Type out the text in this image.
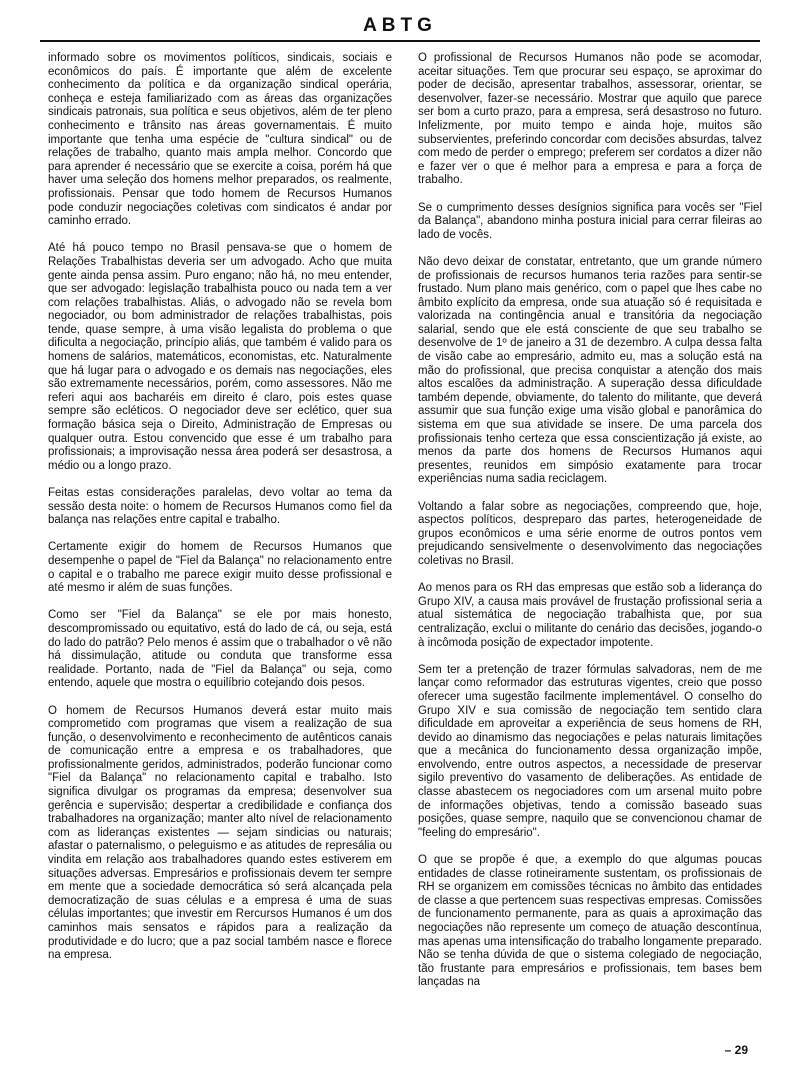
ABTG

informado sobre os movimentos políticos, sindicais, sociais e econômicos do país. É importante que além de excelente conhecimento da política e da organização sindical operária, conheça e esteja familiarizado com as áreas das organizações sindicais patronais, sua política e seus objetivos, além de ter pleno conhecimento e trânsito nas áreas governamentais. É muito importante que tenha uma espécie de "cultura sindical" ou de relações de trabalho, quanto mais ampla melhor. Concordo que para aprender é necessário que se exercite a coisa, porém há que haver uma seleção dos homens melhor preparados, os realmente, profissionais. Pensar que todo homem de Recursos Humanos pode conduzir negociações coletivas com sindicatos é andar por caminho errado.

Até há pouco tempo no Brasil pensava-se que o homem de Relações Trabalhistas deveria ser um advogado. Acho que muita gente ainda pensa assim. Puro engano; não há, no meu entender, que ser advogado: legislação trabalhista pouco ou nada tem a ver com relações trabalhistas. Aliás, o advogado não se revela bom negociador, ou bom administrador de relações trabalhistas, pois tende, quase sempre, à uma visão legalista do problema o que dificulta a negociação, princípio aliás, que também é valido para os homens de salários, matemáticos, economistas, etc. Naturalmente que há lugar para o advogado e os demais nas negociações, eles são extremamente necessários, porém, como assessores. Não me referi aqui aos bacharéis em direito é claro, pois estes quase sempre são ecléticos. O negociador deve ser eclético, quer sua formação básica seja o Direito, Administração de Empresas ou qualquer outra. Estou convencido que esse é um trabalho para profissionais; a improvisação nessa área poderá ser desastrosa, a médio ou a longo prazo.

Feitas estas considerações paralelas, devo voltar ao tema da sessão desta noite: o homem de Recursos Humanos como fiel da balança nas relações entre capital e trabalho.

Certamente exigir do homem de Recursos Humanos que desempenhe o papel de "Fiel da Balança" no relacionamento entre o capital e o trabalho me parece exigir muito desse profissional e até mesmo ir além de suas funções.

Como ser "Fiel da Balança" se ele por mais honesto, descompromissado ou equitativo, está do lado de cá, ou seja, está do lado do patrão? Pelo menos é assim que o trabalhador o vê não há dissimulação, atitude ou conduta que transforme essa realidade. Portanto, nada de "Fiel da Balança" ou seja, como entendo, aquele que mostra o equilíbrio cotejando dois pesos.

O homem de Recursos Humanos deverá estar muito mais comprometido com programas que visem a realização de sua função, o desenvolvimento e reconhecimento de autênticos canais de comunicação entre a empresa e os trabalhadores, que profissionalmente geridos, administrados, poderão funcionar como "Fiel da Balança" no relacionamento capital e trabalho. Isto significa divulgar os programas da empresa; desenvolver sua gerência e supervisão; despertar a credibilidade e confiança dos trabalhadores na organização; manter alto nível de relacionamento com as lideranças existentes — sejam sindicias ou naturais; afastar o paternalismo, o peleguismo e as atitudes de represália ou vindita em relação aos trabalhadores quando estes estiverem em situações adversas. Empresários e profissionais devem ter sempre em mente que a sociedade democrática só será alcançada pela democratização de suas células e a empresa é uma de suas células importantes; que investir em Rercursos Humanos é um dos caminhos mais sensatos e rápidos para a realização da produtividade e do lucro; que a paz social também nasce e florece na empresa.

O profissional de Recursos Humanos não pode se acomodar, aceitar situações. Tem que procurar seu espaço, se aproximar do poder de decisão, apresentar trabalhos, assessorar, orientar, se desenvolver, fazer-se necessário. Mostrar que aquilo que parece ser bom a curto prazo, para a empresa, será desastroso no futuro. Infelizmente, por muito tempo e ainda hoje, muitos são subservientes, preferindo concordar com decisões absurdas, talvez com medo de perder o emprego; preferem ser cordatos a dizer não e fazer ver o que é melhor para a empresa e para a força de trabalho.

Se o cumprimento desses desígnios significa para vocês ser "Fiel da Balança", abandono minha postura inicial para cerrar fileiras ao lado de vocês.

Não devo deixar de constatar, entretanto, que um grande número de profissionais de recursos humanos teria razões para sentir-se frustado. Num plano mais genérico, com o papel que lhes cabe no âmbito explícito da empresa, onde sua atuação só é requisitada e valorizada na contingência anual e transitória da negociação salarial, sendo que ele está consciente de que seu trabalho se desenvolve de 1º de janeiro a 31 de dezembro. A culpa dessa falta de visão cabe ao empresário, admito eu, mas a solução está na mão do profissional, que precisa conquistar a atenção dos mais altos escalões da administração. A superação dessa dificuldade também depende, obviamente, do talento do militante, que deverá assumir que sua função exige uma visão global e panorâmica do sistema em que sua atividade se insere. De uma parcela dos profissionais tenho certeza que essa conscientização já existe, ao menos da parte dos homens de Recursos Humanos aqui presentes, reunidos em simpósio exatamente para trocar experiências numa sadia reciclagem.

Voltando a falar sobre as negociações, compreendo que, hoje, aspectos políticos, despreparo das partes, heterogeneidade de grupos econômicos e uma série enorme de outros pontos vem prejudicando sensivelmente o desenvolvimento das negociações coletivas no Brasil.

Ao menos para os RH das empresas que estão sob a liderança do Grupo XIV, a causa mais provável de frustação profissional seria a atual sistemática de negociação trabalhista que, por sua centralização, exclui o militante do cenário das decisões, jogando-o à incômoda posição de expectador impotente.

Sem ter a pretenção de trazer fórmulas salvadoras, nem de me lançar como reformador das estruturas vigentes, creio que posso oferecer uma sugestão facilmente implementável. O conselho do Grupo XIV e sua comissão de negociação tem sentido clara dificuldade em aproveitar a experiência de seus homens de RH, devido ao dinamismo das negociações e pelas naturais limitações que a mecânica do funcionamento dessa organização impõe, envolvendo, entre outros aspectos, a necessidade de preservar sigilo preventivo do vasamento de deliberações. As entidade de classe abastecem os negociadores com um arsenal muito pobre de informações objetivas, tendo a comissão baseado suas posições, quase sempre, naquilo que se convencionou chamar de "feeling do empresário".

O que se propõe é que, a exemplo do que algumas poucas entidades de classe rotineiramente sustentam, os profissionais de RH se organizem em comissões técnicas no âmbito das entidades de classe a que pertencem suas respectivas empresas. Comissões de funcionamento permanente, para as quais a aproximação das negociações não represente um começo de atuação descontínua, mas apenas uma intensificação do trabalho longamente preparado. Não se tenha dúvida de que o sistema colegiado de negociação, tão frustante para empresários e profissionais, tem bases bem lançadas na

– 29
